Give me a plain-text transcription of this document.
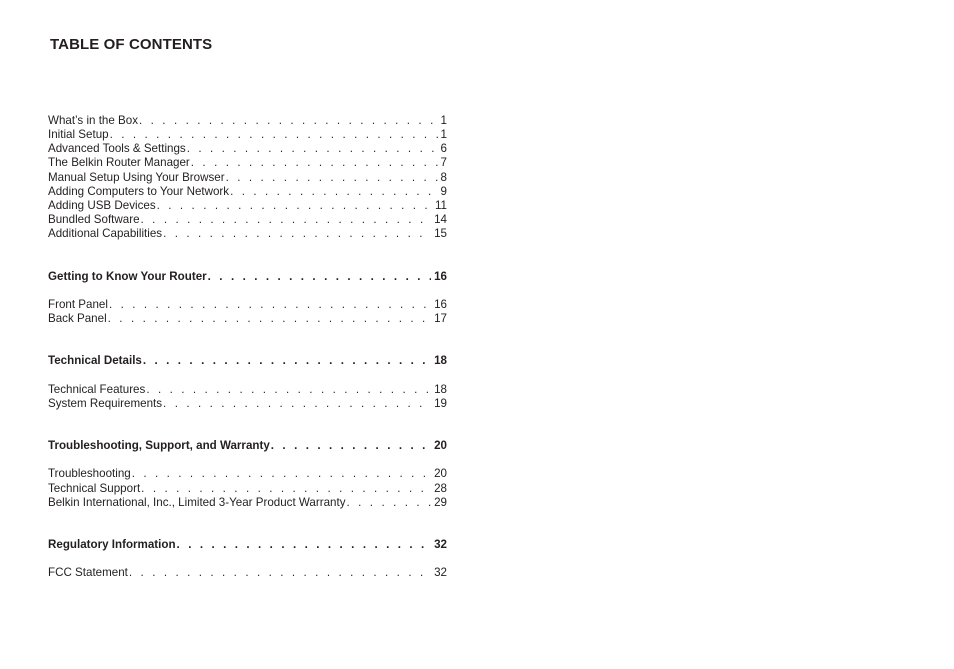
TABLE OF CONTENTS
What’s in the Box . . .	1
Initial Setup . . .	1
Advanced Tools & Settings . . .	6
The Belkin Router Manager . . .	7
Manual Setup Using Your Browser . . .	8
Adding Computers to Your Network . . .	9
Adding USB Devices . . .	11
Bundled Software . . .	14
Additional Capabilities . . .	15
Getting to Know Your Router . . .	16
Front Panel . . .	16
Back Panel . . .	17
Technical Details . . .	18
Technical Features . . .	18
System Requirements . . .	19
Troubleshooting, Support, and Warranty . . .	20
Troubleshooting . . .	20
Technical Support . . .	28
Belkin International, Inc., Limited 3-Year Product Warranty . . .	29
Regulatory Information . . .	32
FCC Statement . . .	32
